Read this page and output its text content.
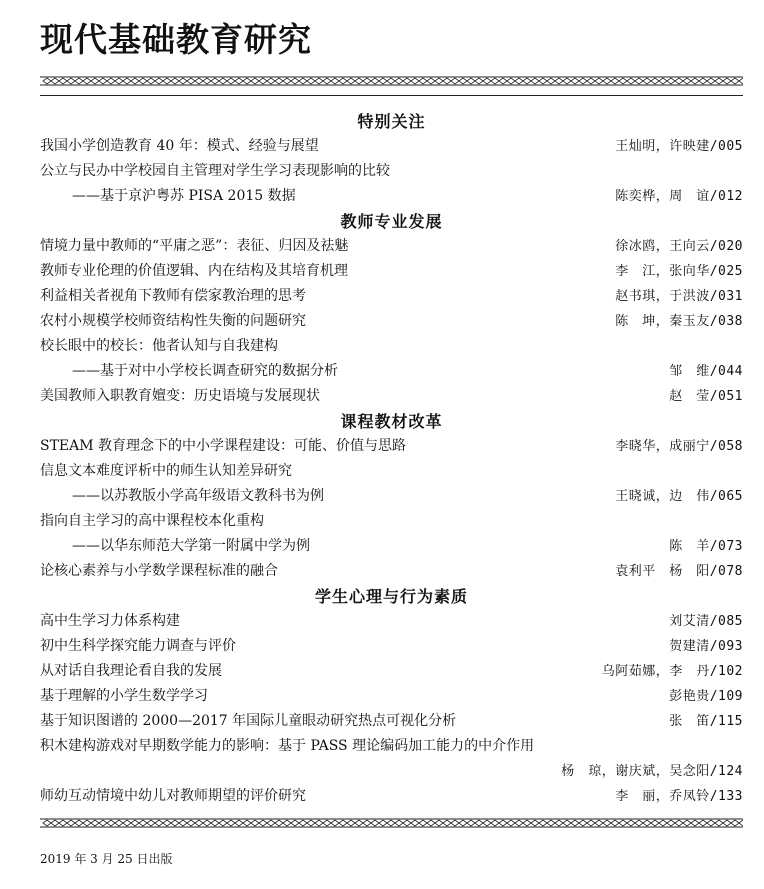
现代基础教育研究
特别关注
我国小学创造教育 40 年：模式、经验与展望	王灿明，许映建/005
公立与民办中学校园自主管理对学生学习表现影响的比较
——基于京沪粤苏 PISA 2015 数据	陈奕桦，周　谊/012
教师专业发展
情境力量中教师的“平庸之恶”：表征、归因及祛魅	徐冰鸥，王向云/020
教师专业伦理的价值逻辑、内在结构及其培育机理	李　江，张向华/025
利益相关者视角下教师有偿家教治理的思考	赵书琪，于洪波/031
农村小规模学校师资结构性失衡的问题研究	陈　坤，秦玉友/038
校长眼中的校长：他者认知与自我建构
——基于对中小学校长调查研究的数据分析	邹　维/044
美国教师入职教育嬗变：历史语境与发展现状	赵　莹/051
课程教材改革
STEAM 教育理念下的中小学课程建设：可能、价值与思路	李晓华，成丽宁/058
信息文本难度评析中的师生认知差异研究
——以苏教版小学高年级语文教科书为例	王晓诚，边　伟/065
指向自主学习的高中课程校本化重构
——以华东师范大学第一附属中学为例	陈　羊/073
论核心素养与小学数学课程标准的融合	袁利平　杨　阳/078
学生心理与行为素质
高中生学习力体系构建	刘艾清/085
初中生科学探究能力调查与评价	贺建清/093
从对话自我理论看自我的发展	乌阿茹娜，李　丹/102
基于理解的小学生数学学习	彭艳贵/109
基于知识图谱的 2000—2017 年国际儿童眼动研究热点可视化分析	张　笛/115
积木建构游戏对早期数学能力的影响：基于 PASS 理论编码加工能力的中介作用
杨　琼，谢庆斌，吴念阳/124
师幼互动情境中幼儿对教师期望的评价研究	李　丽，乔凤铃/133
2019 年 3 月 25 日出版
